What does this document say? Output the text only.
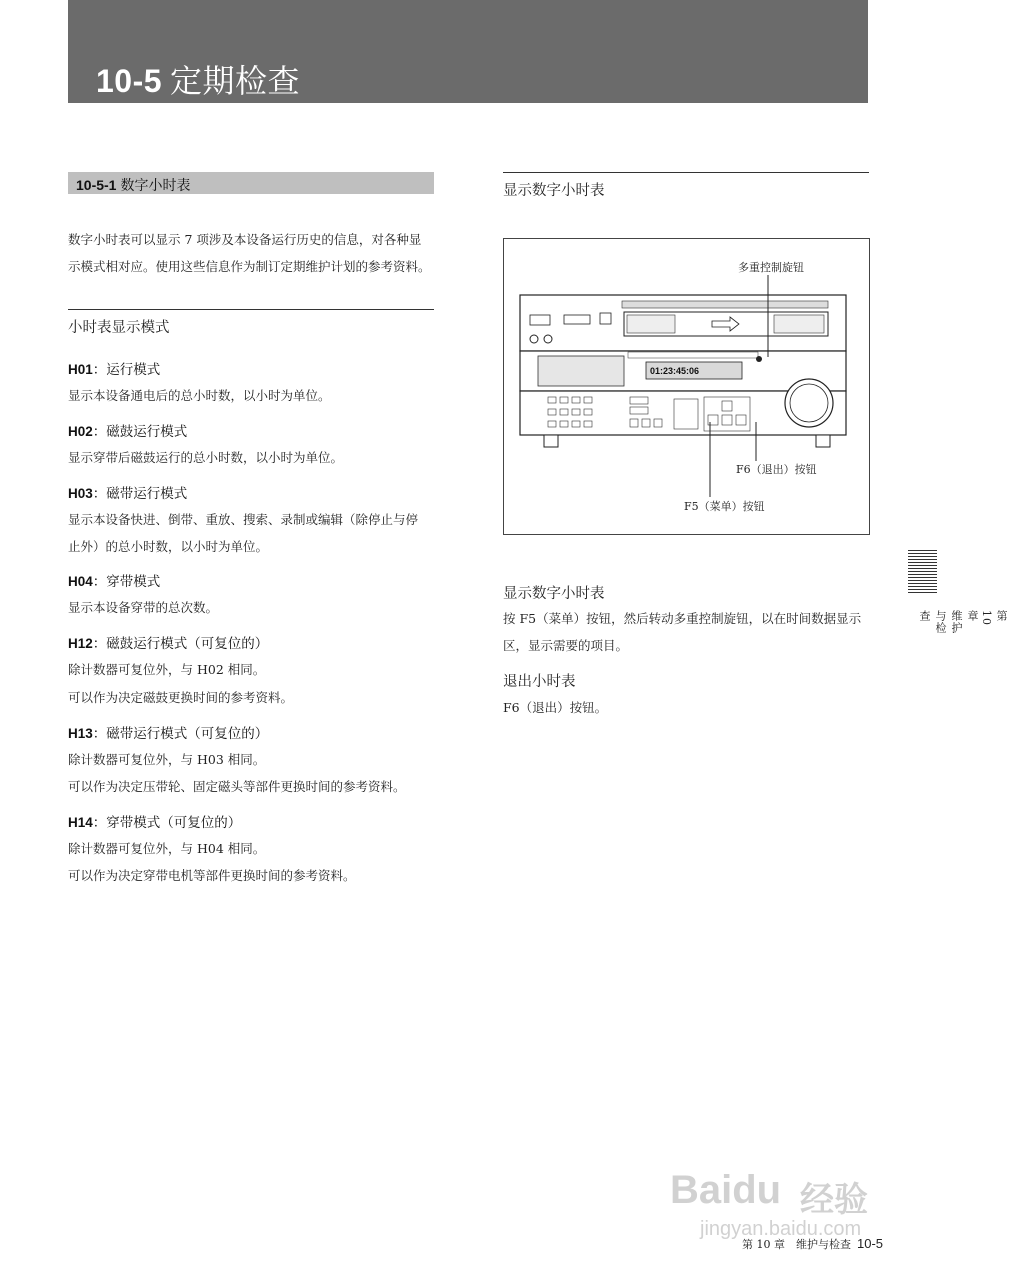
10-5 定期检查
10-5-1 数字小时表
数字小时表可以显示 7 项涉及本设备运行历史的信息，对各种显
示模式相对应。使用这些信息作为制订定期维护计划的参考资料。
小时表显示模式
H01：运行模式
显示本设备通电后的总小时数，以小时为单位。
H02：磁鼓运行模式
显示穿带后磁鼓运行的总小时数，以小时为单位。
H03：磁带运行模式
显示本设备快进、倒带、重放、搜索、录制或编辑（除停止与停
止外）的总小时数，以小时为单位。
H04：穿带模式
显示本设备穿带的总次数。
H12：磁鼓运行模式（可复位的）
除计数器可复位外，与 H02 相同。
可以作为决定磁鼓更换时间的参考资料。
H13：磁带运行模式（可复位的）
除计数器可复位外，与 H03 相同。
可以作为决定压带轮、固定磁头等部件更换时间的参考资料。
H14：穿带模式（可复位的）
除计数器可复位外，与 H04 相同。
可以作为决定穿带电机等部件更换时间的参考资料。
显示数字小时表
01:23:45:06
多重控制旋钮
F6（退出）按钮
F5（菜单）按钮
显示数字小时表
按 F5（菜单）按钮，然后转动多重控制旋钮，以在时间数据显示
区，显示需要的项目。
退出小时表
F6（退出）按钮。
第 10 章　维护与检查
Baidu 经验
jingyan.baidu.com
第 10 章　维护与检查 10-5
